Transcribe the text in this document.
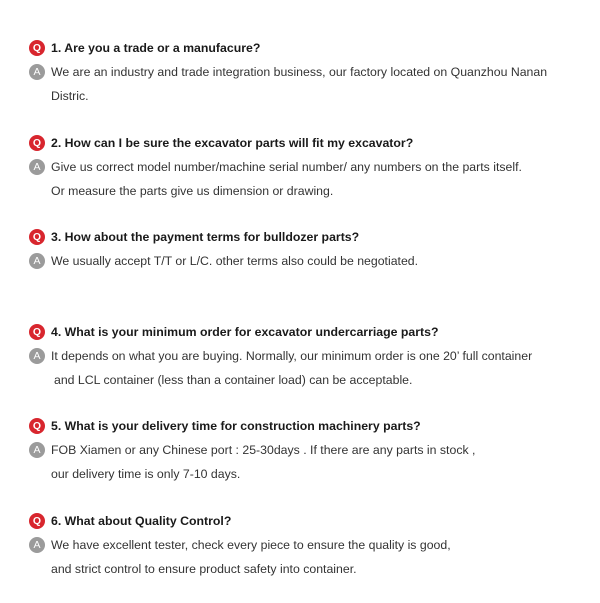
Q 1. Are you a trade or a manufacure?
A We are an industry and trade integration business, our factory located on Quanzhou Nanan
Distric.
Q 2. How can I be sure the excavator parts will fit my excavator?
A Give us correct model number/machine serial number/ any numbers on the parts itself.
Or measure the parts give us dimension or drawing.
Q 3. How about the payment terms for bulldozer parts?
A We usually accept T/T or L/C. other terms also could be negotiated.
Q 4. What is your minimum order for excavator undercarriage parts?
A It depends on what you are buying. Normally, our minimum order is one 20’ full container
and LCL container (less than a container load) can be acceptable.
Q 5. What is your delivery time for construction machinery parts?
A FOB Xiamen or any Chinese port : 25-30days . If there are any parts in stock ,
our delivery time is only 7-10 days.
Q 6. What about Quality Control?
A We have excellent tester, check every piece to ensure the quality is good,
and strict control to ensure product safety into container.
